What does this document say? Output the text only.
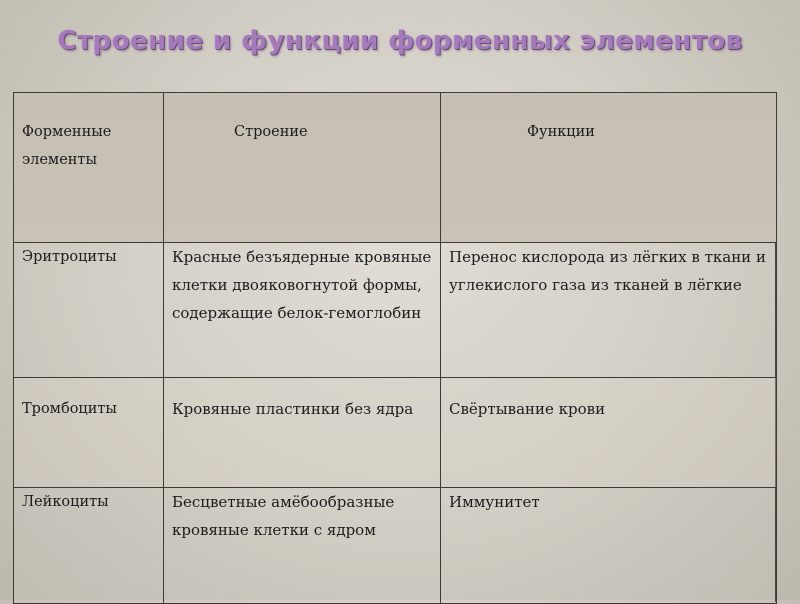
Строение и функции форменных элементов
Форменные элементы	Строение	Функции

Эритроциты	Красные безъядерные кровяные клетки двояковогнутой формы, содержащие белок-гемоглобин	Перенос кислорода из лёгких в ткани и углекислого газа из тканей в лёгкие

Тромбоциты	Кровяные пластинки без ядра	Свёртывание крови

Лейкоциты	Бесцветные амёбообразные кровяные клетки с ядром	Иммунитет
